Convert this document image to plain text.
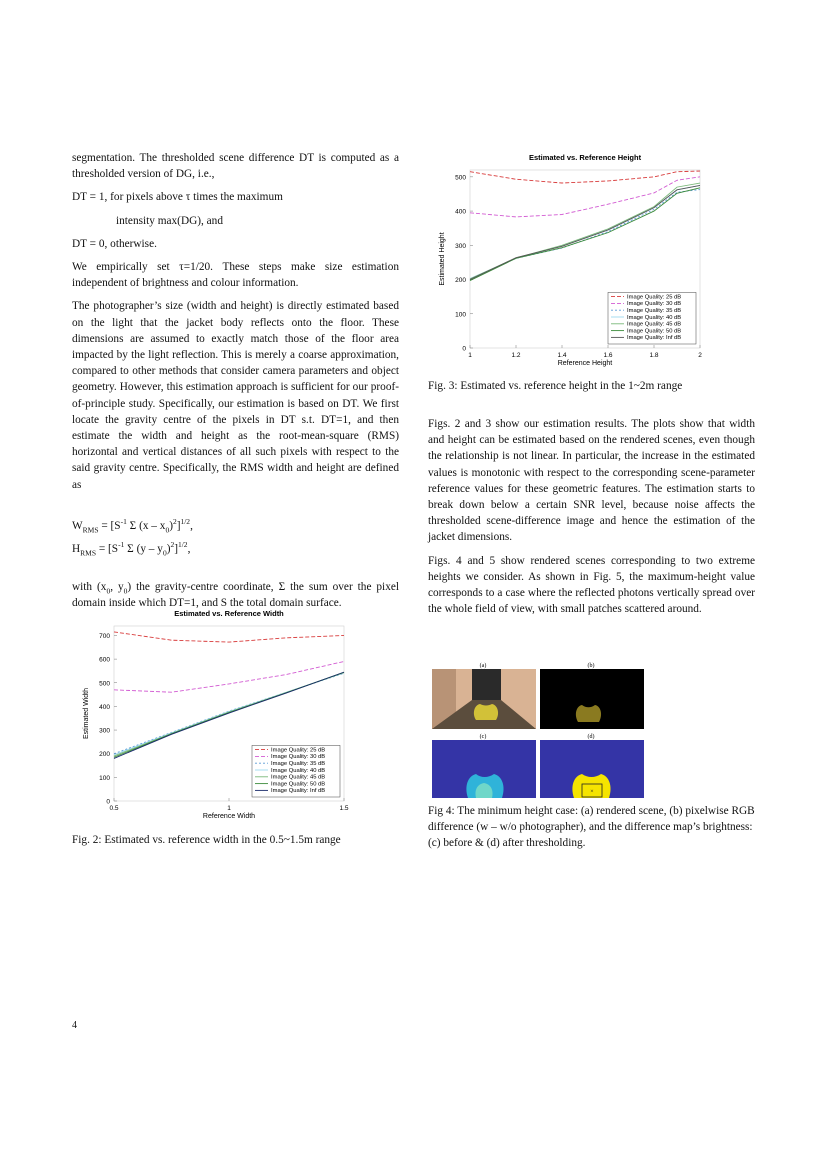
segmentation. The thresholded scene difference DT is computed as a thresholded version of DG, i.e.,

DT = 1, for pixels above τ times the maximum

intensity max(DG), and

DT = 0, otherwise.

We empirically set τ=1/20. These steps make size estimation independent of brightness and colour information.

The photographer’s size (width and height) is directly estimated based on the light that the jacket body reflects onto the floor. These dimensions are assumed to exactly match those of the floor area impacted by the light reflection. This is merely a coarse approximation, compared to other methods that consider camera parameters and object geometry. However, this estimation approach is sufficient for our proof-of-principle study. Specifically, our estimation is based on DT. We first locate the gravity centre of the pixels in DT s.t. DT=1, and then estimate the width and height as the root-mean-square (RMS) horizontal and vertical distances of all such pixels with respect to the said gravity centre. Specifically, the RMS width and height are defined as

$W_{RMS} = [S^{-1}$ Σ $(x - x_0)^2]^{1/2}$,

$H_{RMS} = [S^{-1}$ Σ $(y - y_0)^2]^{1/2}$,

with ($x_0$, $y_0$) the gravity-centre coordinate, Σ the sum over the pixel domain inside which DT=1, and S the total domain surface.

Estimated vs. Reference Height
0
100
200
300
400
500
1	1.2	1.4	1.6	1.8	2
Reference Height
Estimated Height
Image Quality: 25 dB
Image Quality: 30 dB
Image Quality: 35 dB
Image Quality: 40 dB
Image Quality: 45 dB
Image Quality: 50 dB
Image Quality: Inf dB
Fig. 3: Estimated vs. reference height in the 1~2m range

Figs. 2 and 3 show our estimation results. The plots show that width and height can be estimated based on the rendered scenes, even though the relationship is not linear. In particular, the increase in the estimated values is monotonic with respect to the corresponding scene-parameter reference values for these geometric features. The estimation starts to break down below a certain SNR level, because noise affects the thresholded scene-difference image and hence the estimation of the jacket dimensions.

Figs. 4 and 5 show rendered scenes corresponding to two extreme heights we consider. As shown in Fig. 5, the maximum-height value corresponds to a case where the reflected photons vertically spread over the whole field of view, with small patches scattered around.

Estimated vs. Reference Width
0
100
200
300
400
500
600
700
0.5	1	1.5
Reference Width
Estimated Width
Image Quality: 25 dB
Image Quality: 30 dB
Image Quality: 35 dB
Image Quality: 40 dB
Image Quality: 45 dB
Image Quality: 50 dB
Image Quality: Inf dB
Fig. 2: Estimated vs. reference width in the 0.5~1.5m range
(a)	(b)
(c)	(d)
×
Fig 4: The minimum height case: (a) rendered scene, (b) pixelwise RGB difference (w – w/o photographer), and the difference map’s brightness: (c) before & (d) after thresholding.
4
